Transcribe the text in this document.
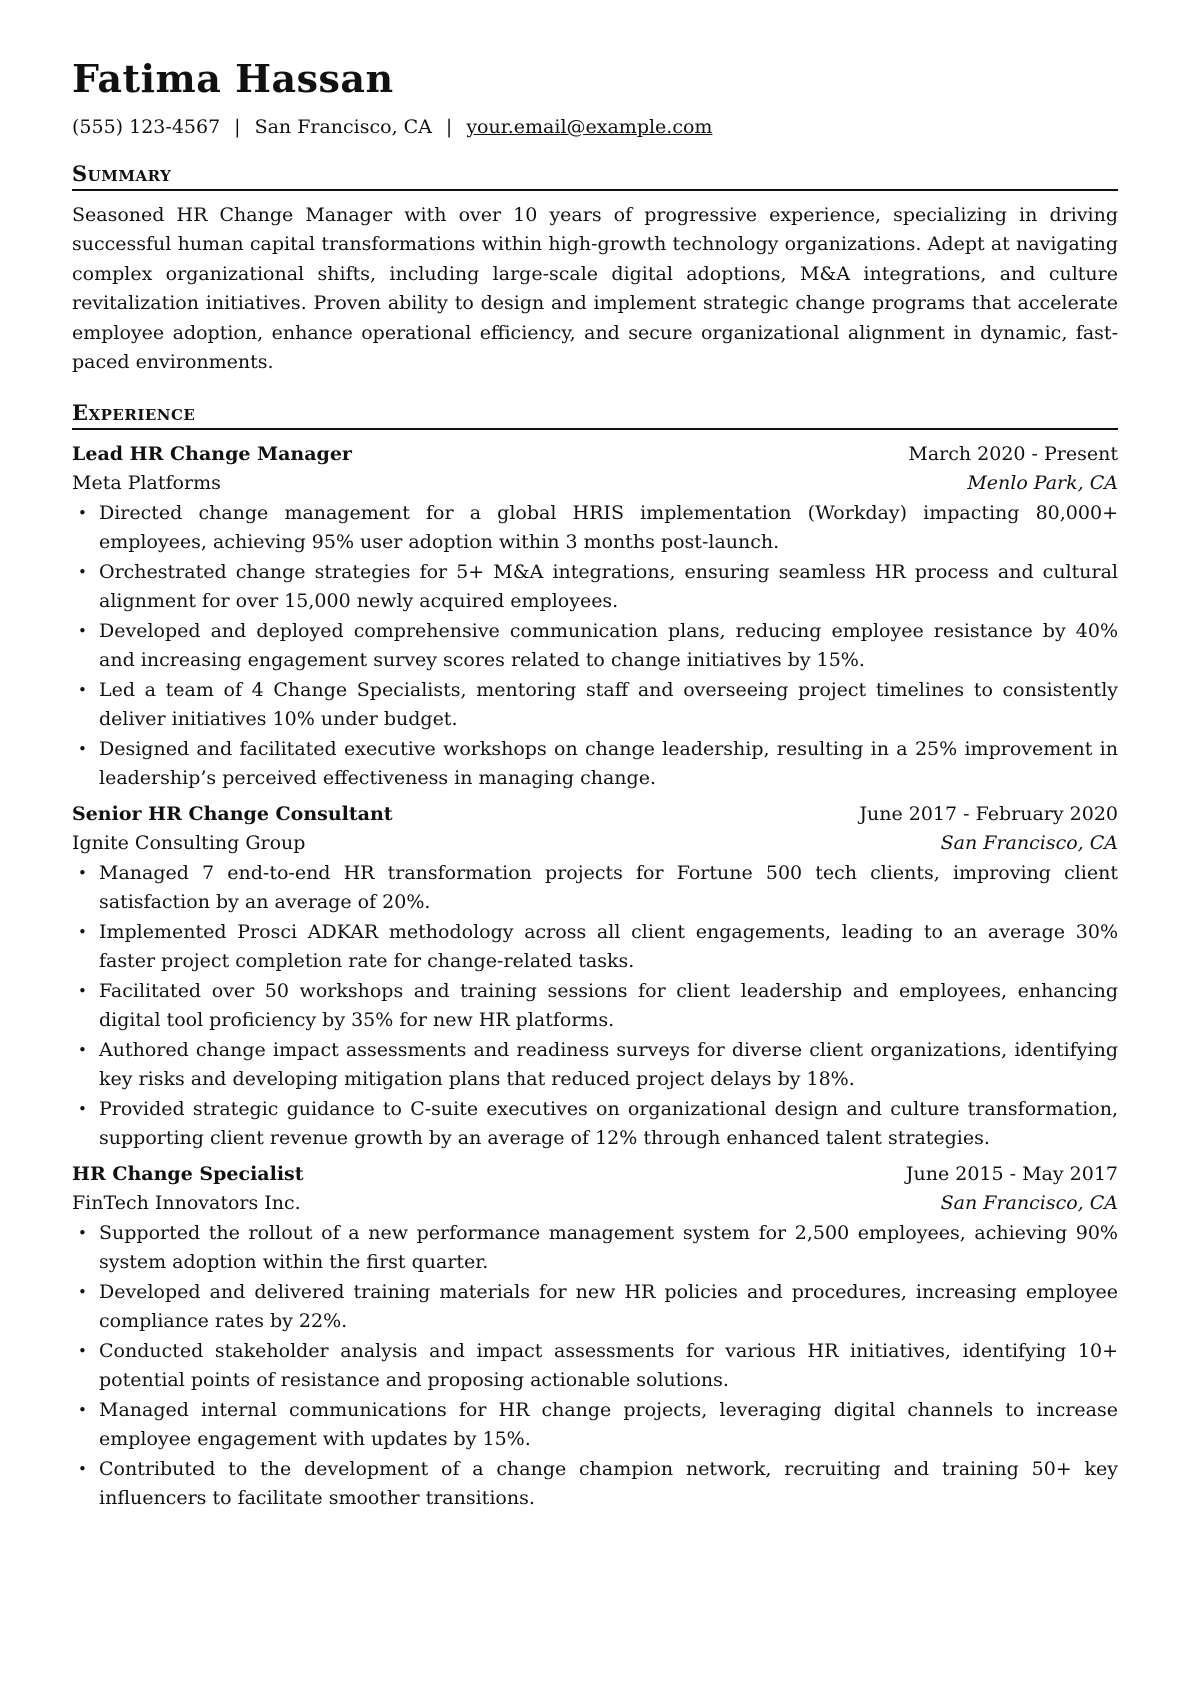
Fatima Hassan
(555) 123-4567 | San Francisco, CA | your.email@example.com
Summary
Seasoned HR Change Manager with over 10 years of progressive experience, specializing in driving successful human capital transformations within high-growth technology organizations. Adept at navigating complex organizational shifts, including large-scale digital adoptions, M&A integrations, and culture revitalization initiatives. Proven ability to design and implement strategic change programs that accelerate employee adoption, enhance operational efficiency, and secure organizational alignment in dynamic, fast-paced environments.
Experience
Lead HR Change Manager	March 2020 - Present
Meta Platforms	Menlo Park, CA
• Directed change management for a global HRIS implementation (Workday) impacting 80,000+ employees, achieving 95% user adoption within 3 months post-launch.
• Orchestrated change strategies for 5+ M&A integrations, ensuring seamless HR process and cultural alignment for over 15,000 newly acquired employees.
• Developed and deployed comprehensive communication plans, reducing employee resistance by 40% and increasing engagement survey scores related to change initiatives by 15%.
• Led a team of 4 Change Specialists, mentoring staff and overseeing project timelines to consistently deliver initiatives 10% under budget.
• Designed and facilitated executive workshops on change leadership, resulting in a 25% improvement in leadership’s perceived effectiveness in managing change.
Senior HR Change Consultant	June 2017 - February 2020
Ignite Consulting Group	San Francisco, CA
• Managed 7 end-to-end HR transformation projects for Fortune 500 tech clients, improving client satisfaction by an average of 20%.
• Implemented Prosci ADKAR methodology across all client engagements, leading to an average 30% faster project completion rate for change-related tasks.
• Facilitated over 50 workshops and training sessions for client leadership and employees, enhancing digital tool proficiency by 35% for new HR platforms.
• Authored change impact assessments and readiness surveys for diverse client organizations, identifying key risks and developing mitigation plans that reduced project delays by 18%.
• Provided strategic guidance to C-suite executives on organizational design and culture transformation, supporting client revenue growth by an average of 12% through enhanced talent strategies.
HR Change Specialist	June 2015 - May 2017
FinTech Innovators Inc.	San Francisco, CA
• Supported the rollout of a new performance management system for 2,500 employees, achieving 90% system adoption within the first quarter.
• Developed and delivered training materials for new HR policies and procedures, increasing employee compliance rates by 22%.
• Conducted stakeholder analysis and impact assessments for various HR initiatives, identifying 10+ potential points of resistance and proposing actionable solutions.
• Managed internal communications for HR change projects, leveraging digital channels to increase employee engagement with updates by 15%.
• Contributed to the development of a change champion network, recruiting and training 50+ key influencers to facilitate smoother transitions.
